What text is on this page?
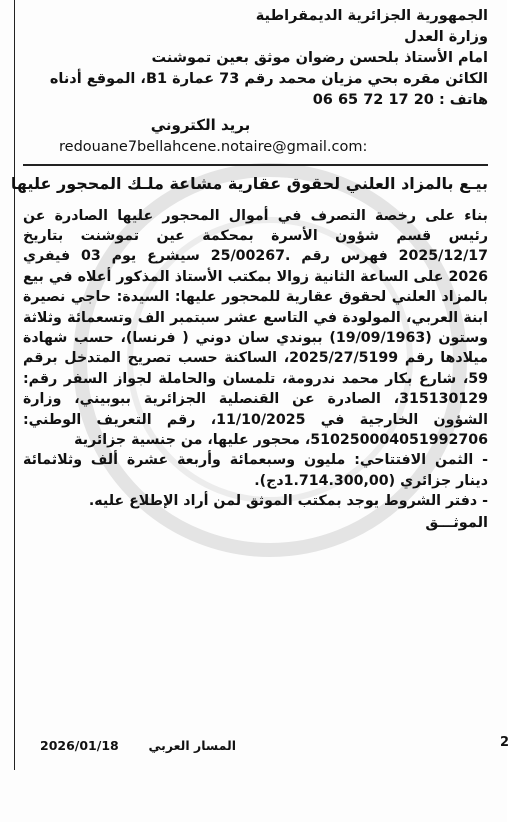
الجمهورية الجزائرية الديمقراطية
وزارة العدل
امام الأستاذ بلحسن رضوان موثق بعين تموشنت
الكائن مقره بحي مزيان محمد رقم 73 عمارة B1، الموقع أدناه
هاتف : 20 17 72 65 06
بريد الكتروني
redouane7bellahcene.notaire@gmail.com:
بيـع بالمزاد العلني لحقوق عقارية مشاعة ملـك المحجور عليها

بناء على رخصة التصرف في أموال المحجور عليها الصادرة عن رئيس قسم شؤون الأسرة بمحكمة عين تموشنت بتاريخ 2025/12/17 فهرس رقم .25/00267 سيشرع يوم 03 فيفري 2026 على الساعة الثانية زوالا بمكتب الأستاذ المذكور أعلاه في بيع بالمزاد العلني لحقوق عقارية للمحجور عليها: السيدة: حاجي نصيرة ابنة العربي، المولودة في التاسع عشر سبتمبر الف وتسعمائة وثلاثة وستون (19/09/1963) ببوندي سان دوني ( فرنسا)، حسب شهادة ميلادها رقم 2025/27/5199، الساكنة حسب تصريح المتدخل برقم 59، شارع بكار محمد ندرومة، تلمسان والحاملة لجواز السفر رقم: 315130129، الصادرة عن القنصلية الجزائرية ببوبيني، وزارة الشؤون الخارجية في 11/10/2025، رقم التعريف الوطني: 510250004051992706، محجور عليها، من جنسية جزائرية

- الثمن الافتتاحي: مليون وسبعمائة وأربعة عشرة ألف وثلاثمائة دينار جزائري (1.714.300,00دج).

- دفتر الشروط يوجد بمكتب الموثق لمن أراد الإطلاع عليه.

الموثـــق
المسار العربي
2026/01/18	2
